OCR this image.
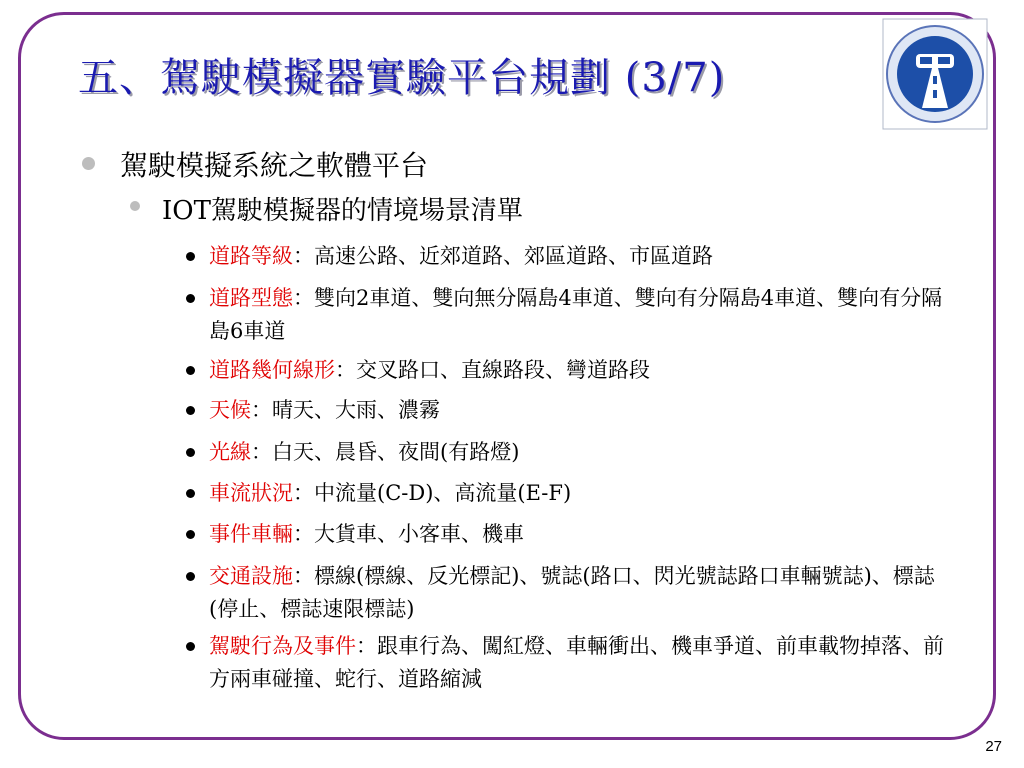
五、駕駛模擬器實驗平台規劃 (3/7)
駕駛模擬系統之軟體平台
IOT駕駛模擬器的情境場景清單
道路等級：高速公路、近郊道路、郊區道路、市區道路
道路型態：雙向2車道、雙向無分隔島4車道、雙向有分隔島4車道、雙向有分隔島6車道
道路幾何線形：交叉路口、直線路段、彎道路段
天候：晴天、大雨、濃霧
光線：白天、晨昏、夜間(有路燈)
車流狀況：中流量(C-D)、高流量(E-F)
事件車輛：大貨車、小客車、機車
交通設施：標線(標線、反光標記)、號誌(路口、閃光號誌路口車輛號誌)、標誌(停止、標誌速限標誌)
駕駛行為及事件：跟車行為、闖紅燈、車輛衝出、機車爭道、前車載物掉落、前方兩車碰撞、蛇行、道路縮減
27
